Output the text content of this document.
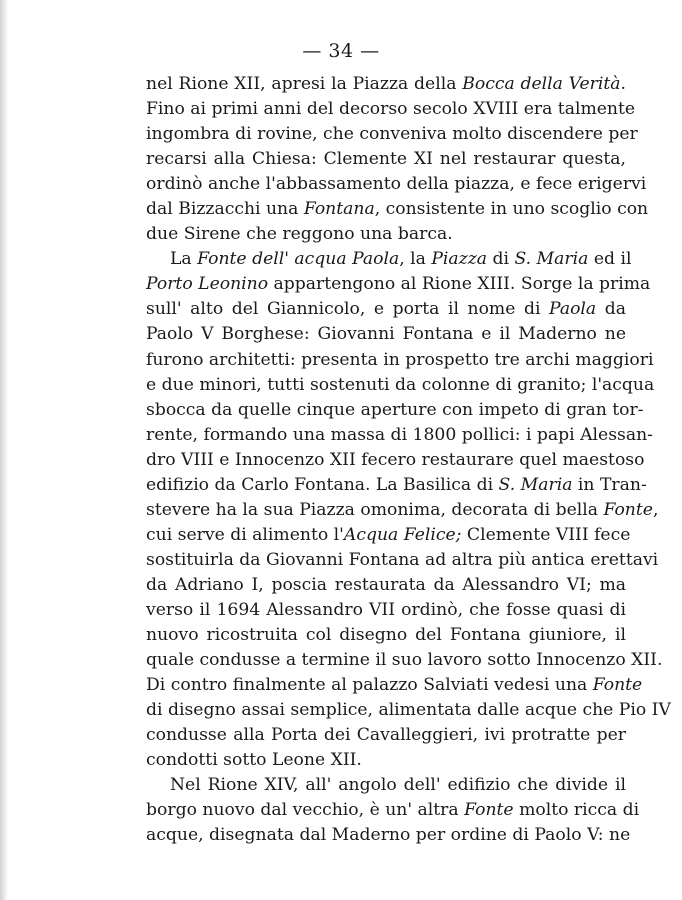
— 34 —
nel Rione XII, apresi la Piazza della Bocca della Verità.
Fino ai primi anni del decorso secolo XVIII era talmente
ingombra di rovine, che conveniva molto discendere per
recarsi alla Chiesa: Clemente XI nel restaurar questa,
ordinò anche l'abbassamento della piazza, e fece erigervi
dal Bizzacchi una Fontana, consistente in uno scoglio con
due Sirene che reggono una barca.
La Fonte dell' acqua Paola, la Piazza di S. Maria ed il
Porto Leonino appartengono al Rione XIII. Sorge la prima
sull' alto del Giannicolo, e porta il nome di Paola da
Paolo V Borghese: Giovanni Fontana e il Maderno ne
furono architetti: presenta in prospetto tre archi maggiori
e due minori, tutti sostenuti da colonne di granito; l'acqua
sbocca da quelle cinque aperture con impeto di gran tor-
rente, formando una massa di 1800 pollici: i papi Alessan-
dro VIII e Innocenzo XII fecero restaurare quel maestoso
edifizio da Carlo Fontana. La Basilica di S. Maria in Tran-
stevere ha la sua Piazza omonima, decorata di bella Fonte,
cui serve di alimento l'Acqua Felice; Clemente VIII fece
sostituirla da Giovanni Fontana ad altra più antica erettavi
da Adriano I, poscia restaurata da Alessandro VI; ma
verso il 1694 Alessandro VII ordinò, che fosse quasi di
nuovo ricostruita col disegno del Fontana giuniore, il
quale condusse a termine il suo lavoro sotto Innocenzo XII.
Di contro finalmente al palazzo Salviati vedesi una Fonte
di disegno assai semplice, alimentata dalle acque che Pio IV
condusse alla Porta dei Cavalleggieri, ivi protratte per
condotti sotto Leone XII.
Nel Rione XIV, all' angolo dell' edifizio che divide il
borgo nuovo dal vecchio, è un' altra Fonte molto ricca di
acque, disegnata dal Maderno per ordine di Paolo V: ne
